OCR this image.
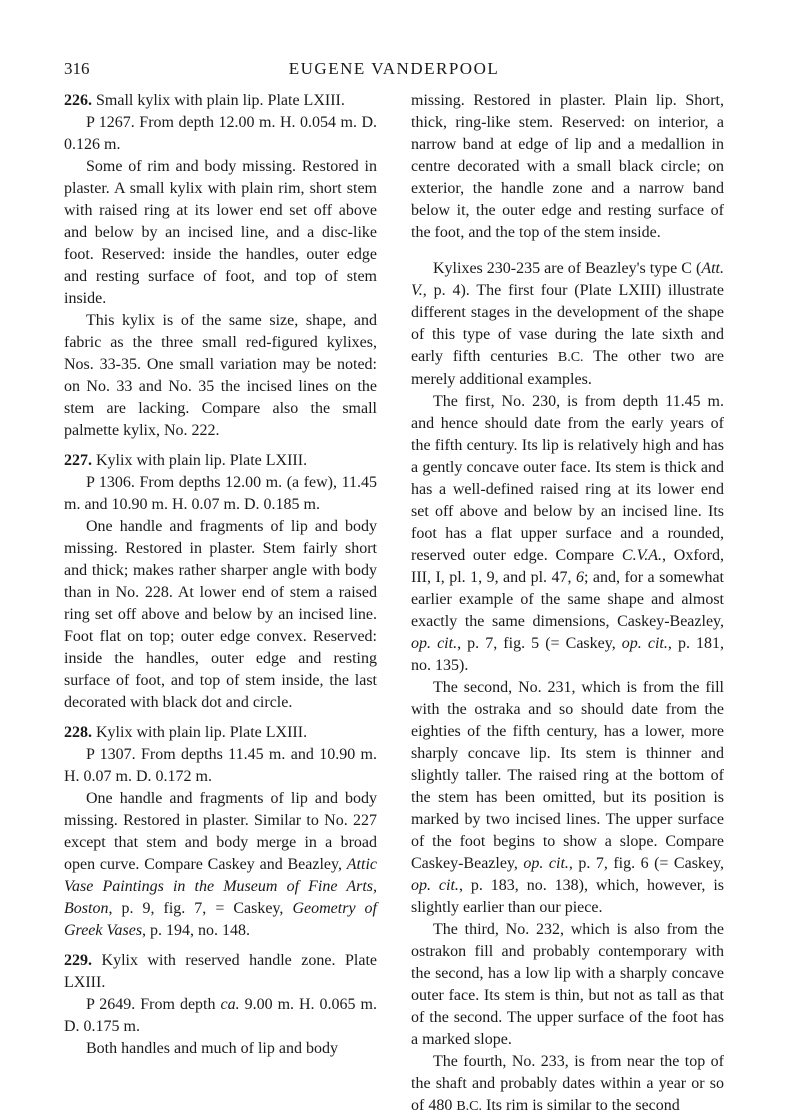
316	EUGENE VANDERPOOL

226. Small kylix with plain lip. Plate LXIII.

P 1267. From depth 12.00 m. H. 0.054 m. D. 0.126 m.

Some of rim and body missing. Restored in plaster. A small kylix with plain rim, short stem with raised ring at its lower end set off above and below by an incised line, and a disc-like foot. Reserved: inside the handles, outer edge and resting surface of foot, and top of stem inside.

This kylix is of the same size, shape, and fabric as the three small red-figured kylixes, Nos. 33-35. One small variation may be noted: on No. 33 and No. 35 the incised lines on the stem are lacking. Compare also the small palmette kylix, No. 222.

227. Kylix with plain lip. Plate LXIII.

P 1306. From depths 12.00 m. (a few), 11.45 m. and 10.90 m. H. 0.07 m. D. 0.185 m.

One handle and fragments of lip and body missing. Restored in plaster. Stem fairly short and thick; makes rather sharper angle with body than in No. 228. At lower end of stem a raised ring set off above and below by an incised line. Foot flat on top; outer edge convex. Reserved: inside the handles, outer edge and resting surface of foot, and top of stem inside, the last decorated with black dot and circle.

228. Kylix with plain lip. Plate LXIII.

P 1307. From depths 11.45 m. and 10.90 m. H. 0.07 m. D. 0.172 m.

One handle and fragments of lip and body missing. Restored in plaster. Similar to No. 227 except that stem and body merge in a broad open curve. Compare Caskey and Beazley, Attic Vase Paintings in the Museum of Fine Arts, Boston, p. 9, fig. 7, = Caskey, Geometry of Greek Vases, p. 194, no. 148.

229. Kylix with reserved handle zone. Plate LXIII.

P 2649. From depth ca. 9.00 m. H. 0.065 m. D. 0.175 m.

Both handles and much of lip and body

missing. Restored in plaster. Plain lip. Short, thick, ring-like stem. Reserved: on interior, a narrow band at edge of lip and a medallion in centre decorated with a small black circle; on exterior, the handle zone and a narrow band below it, the outer edge and resting surface of the foot, and the top of the stem inside.

Kylixes 230-235 are of Beazley's type C (Att. V., p. 4). The first four (Plate LXIII) illustrate different stages in the development of the shape of this type of vase during the late sixth and early fifth centuries B.C. The other two are merely additional examples.

The first, No. 230, is from depth 11.45 m. and hence should date from the early years of the fifth century. Its lip is relatively high and has a gently concave outer face. Its stem is thick and has a well-defined raised ring at its lower end set off above and below by an incised line. Its foot has a flat upper surface and a rounded, reserved outer edge. Compare C.V.A., Oxford, III, I, pl. 1, 9, and pl. 47, 6; and, for a somewhat earlier example of the same shape and almost exactly the same dimensions, Caskey-Beazley, op. cit., p. 7, fig. 5 (= Caskey, op. cit., p. 181, no. 135).

The second, No. 231, which is from the fill with the ostraka and so should date from the eighties of the fifth century, has a lower, more sharply concave lip. Its stem is thinner and slightly taller. The raised ring at the bottom of the stem has been omitted, but its position is marked by two incised lines. The upper surface of the foot begins to show a slope. Compare Caskey-Beazley, op. cit., p. 7, fig. 6 (= Caskey, op. cit., p. 183, no. 138), which, however, is slightly earlier than our piece.

The third, No. 232, which is also from the ostrakon fill and probably contemporary with the second, has a low lip with a sharply concave outer face. Its stem is thin, but not as tall as that of the second. The upper surface of the foot has a marked slope.

The fourth, No. 233, is from near the top of the shaft and probably dates within a year or so of 480 B.C. Its rim is similar to the second
